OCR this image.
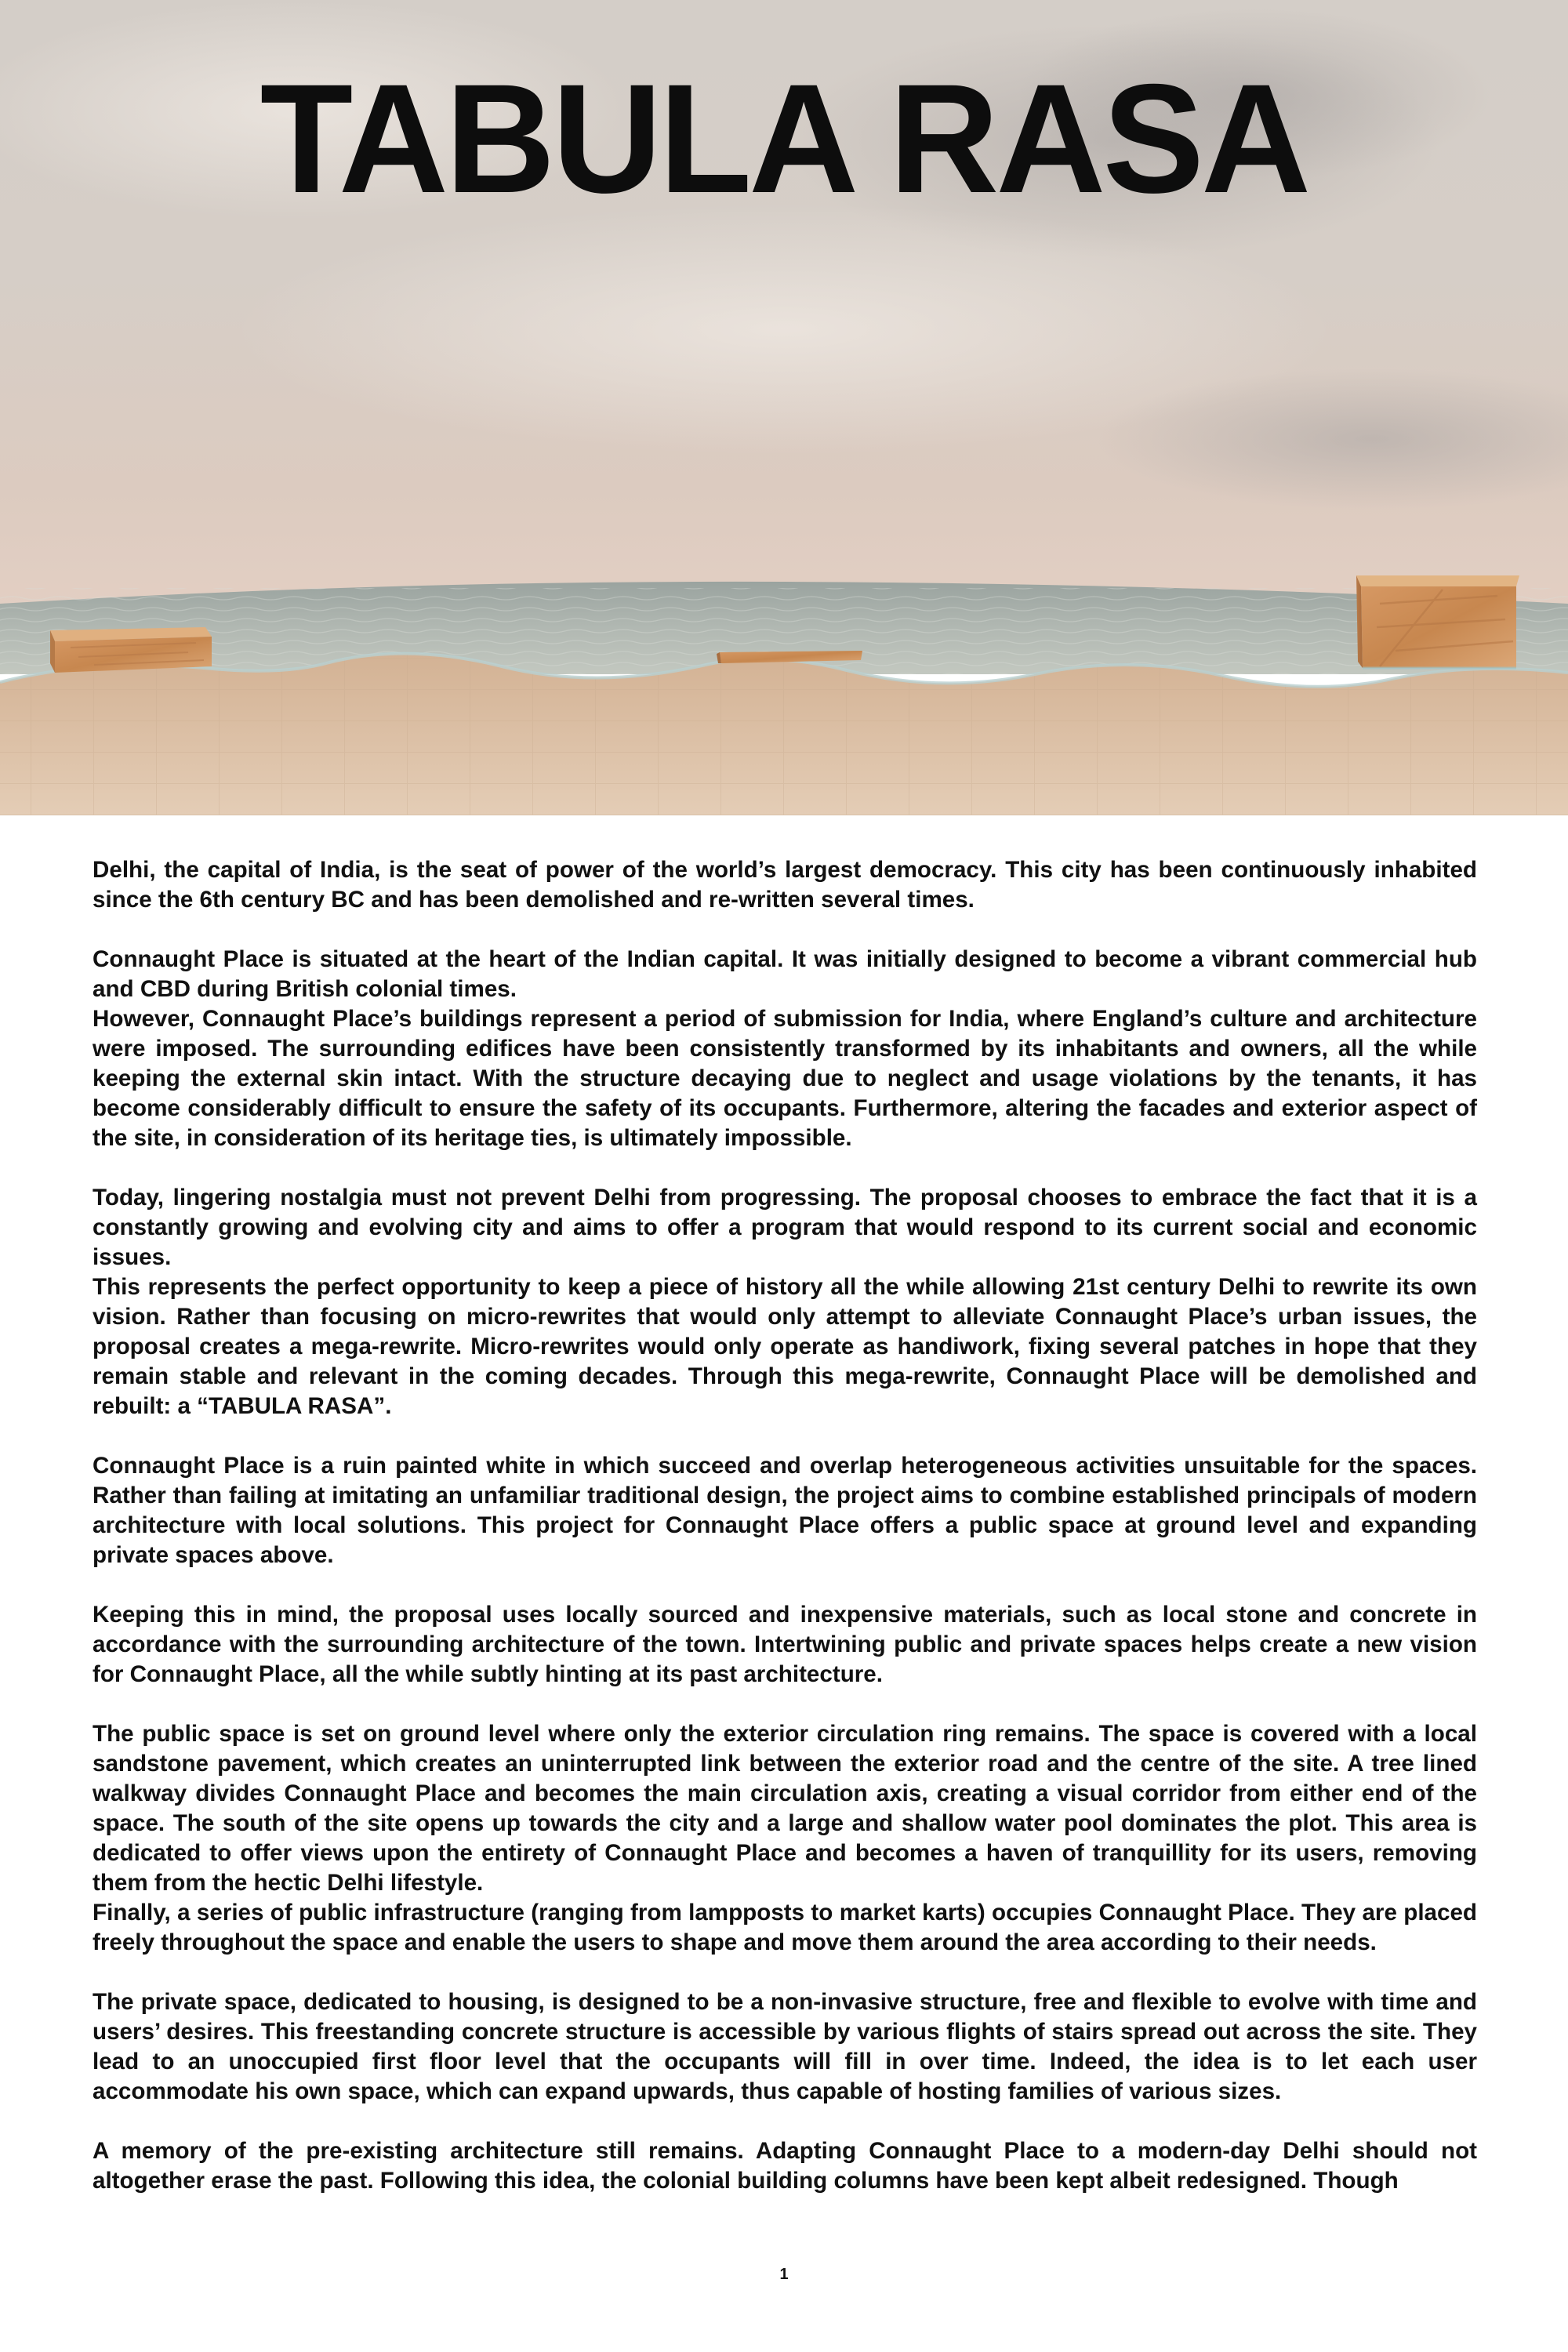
TABULA RASA

Delhi, the capital of India, is the seat of power of the world’s largest democracy. This city has been continuously inhabited since the 6th century BC and has been demolished and re-written several times.

Connaught Place is situated at the heart of the Indian capital. It was initially designed to become a vibrant commercial hub and CBD during British colonial times.

However, Connaught Place’s buildings represent a period of submission for India, where England’s culture and architecture were imposed. The surrounding edifices have been consistently transformed by its inhabitants and owners, all the while keeping the external skin intact. With the structure decaying due to neglect and usage violations by the tenants, it has become considerably difficult to ensure the safety of its occupants. Furthermore, altering the facades and exterior aspect of the site, in consideration of its heritage ties, is ultimately impossible.

Today, lingering nostalgia must not prevent Delhi from progressing. The proposal chooses to embrace the fact that it is a constantly growing and evolving city and aims to offer a program that would respond to its current social and economic issues.

This represents the perfect opportunity to keep a piece of history all the while allowing 21st century Delhi to rewrite its own vision. Rather than focusing on micro-rewrites that would only attempt to alleviate Connaught Place’s urban issues, the proposal creates a mega-rewrite. Micro-rewrites would only operate as handiwork, fixing several patches in hope that they remain stable and relevant in the coming decades. Through this mega-rewrite, Connaught Place will be demolished and rebuilt: a “TABULA RASA”.

Connaught Place is a ruin painted white in which succeed and overlap heterogeneous activities unsuitable for the spaces. Rather than failing at imitating an unfamiliar traditional design, the project aims to combine established principals of modern architecture with local solutions. This project for Connaught Place offers a public space at ground level and expanding private spaces above.

Keeping this in mind, the proposal uses locally sourced and inexpensive materials, such as local stone and concrete in accordance with the surrounding architecture of the town. Intertwining public and private spaces helps create a new vision for Connaught Place, all the while subtly hinting at its past architecture.

The public space is set on ground level where only the exterior circulation ring remains. The space is covered with a local sandstone pavement, which creates an uninterrupted link between the exterior road and the centre of the site. A tree lined walkway divides Connaught Place and becomes the main circulation axis, creating a visual corridor from either end of the space. The south of the site opens up towards the city and a large and shallow water pool dominates the plot. This area is dedicated to offer views upon the entirety of Connaught Place and becomes a haven of tranquillity for its users, removing them from the hectic Delhi lifestyle.

Finally, a series of public infrastructure (ranging from lampposts to market karts) occupies Connaught Place. They are placed freely throughout the space and enable the users to shape and move them around the area according to their needs.

The private space, dedicated to housing, is designed to be a non-invasive structure, free and flexible to evolve with time and users’ desires. This freestanding concrete structure is accessible by various flights of stairs spread out across the site. They lead to an unoccupied first floor level that the occupants will fill in over time. Indeed, the idea is to let each user accommodate his own space, which can expand upwards, thus capable of hosting families of various sizes.

A memory of the pre-existing architecture still remains. Adapting Connaught Place to a modern-day Delhi should not altogether erase the past. Following this idea, the colonial building columns have been kept albeit redesigned. Though

1
